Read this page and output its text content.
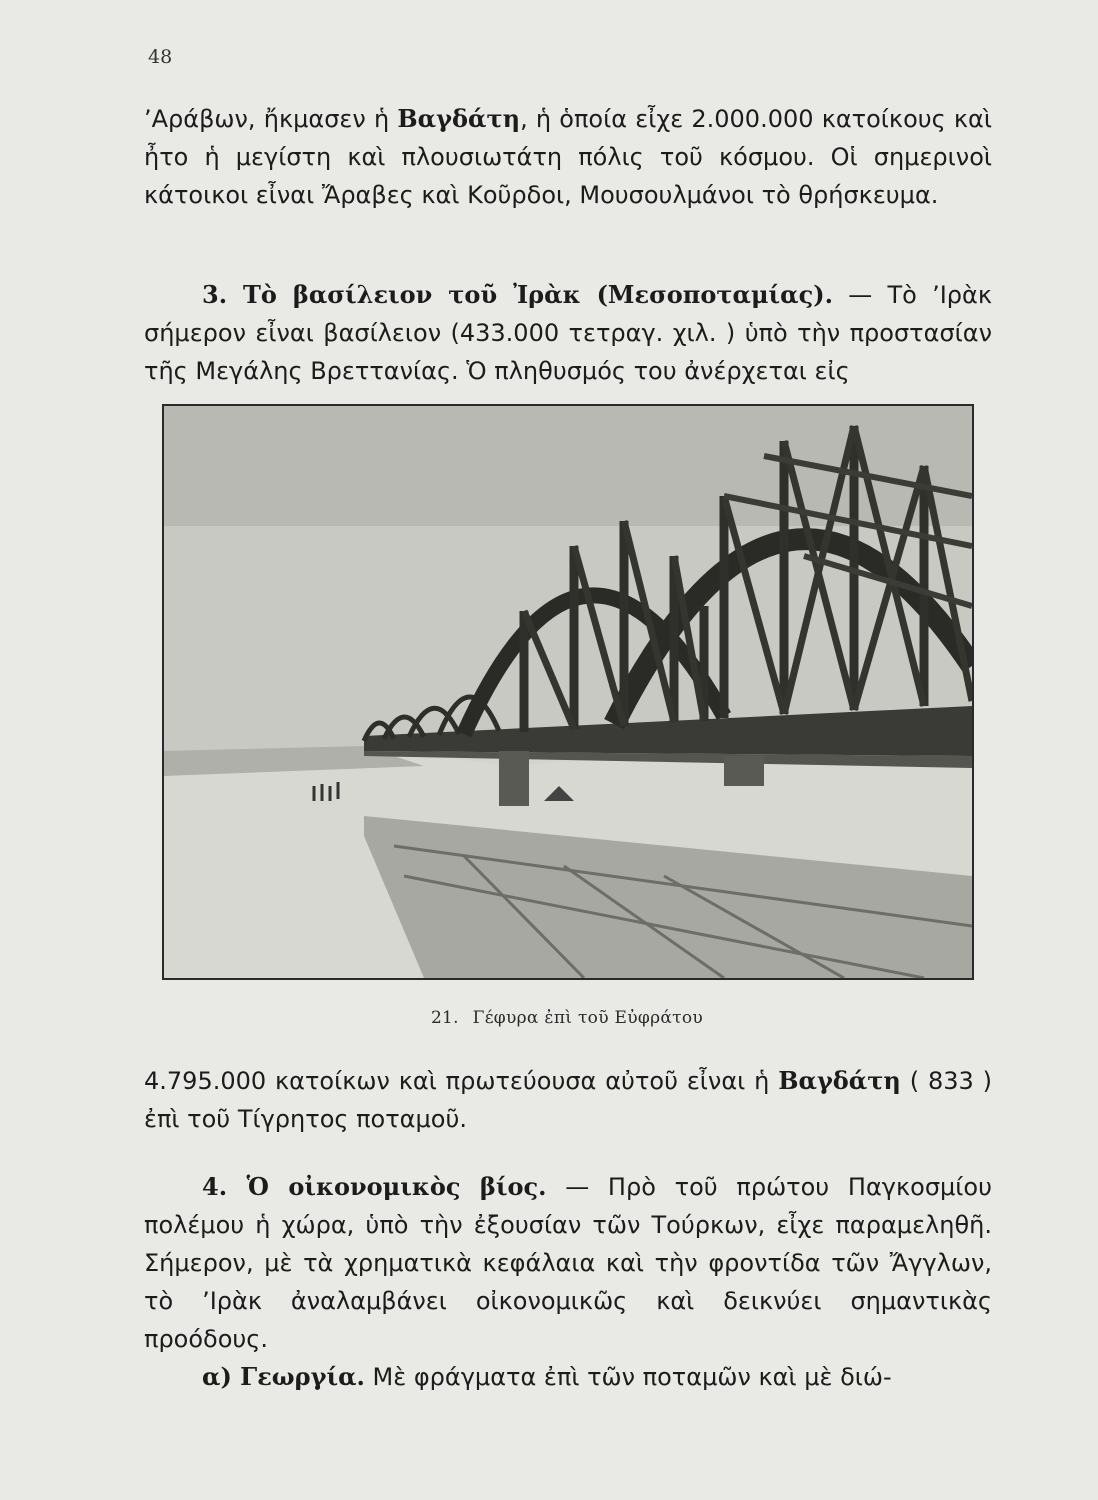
48

’Αράβων, ἤκμασεν ἡ Βαγδάτη, ἡ ὁποία εἶχε 2.000.000 κατοίκους καὶ ἦτο ἡ μεγίστη καὶ πλουσιωτάτη πόλις τοῦ κόσμου. Οἱ σημερινοὶ κάτοικοι εἶναι Ἄραβες καὶ Κοῦρδοι, Μουσουλμάνοι τὸ θρήσκευμα.

3. Τὸ βασίλειον τοῦ Ἰρὰκ (Μεσοποταμίας). — Τὸ ’Ιρὰκ σήμερον εἶναι βασίλειον (433.000 τετραγ. χιλ. ) ὑπὸ τὴν προστασίαν τῆς Μεγάλης Βρεττανίας. Ὁ πληθυσμός του ἀνέρχεται εἰς

21. Γέφυρα ἐπὶ τοῦ Εὐφράτου

4.795.000 κατοίκων καὶ πρωτεύουσα αὐτοῦ εἶναι ἡ Βαγδάτη ( 833 ) ἐπὶ τοῦ Τίγρητος ποταμοῦ.

4. Ὁ οἰκονομικὸς βίος. — Πρὸ τοῦ πρώτου Παγκοσμίου πολέμου ἡ χώρα, ὑπὸ τὴν ἐξουσίαν τῶν Τούρκων, εἶχε παραμεληθῆ. Σήμερον, μὲ τὰ χρηματικὰ κεφάλαια καὶ τὴν φροντίδα τῶν Ἄγγλων, τὸ ’Ιρὰκ ἀναλαμβάνει οἰκονομικῶς καὶ δεικνύει σημαντικὰς προόδους.

α) Γεωργία. Μὲ φράγματα ἐπὶ τῶν ποταμῶν καὶ μὲ διώ-
